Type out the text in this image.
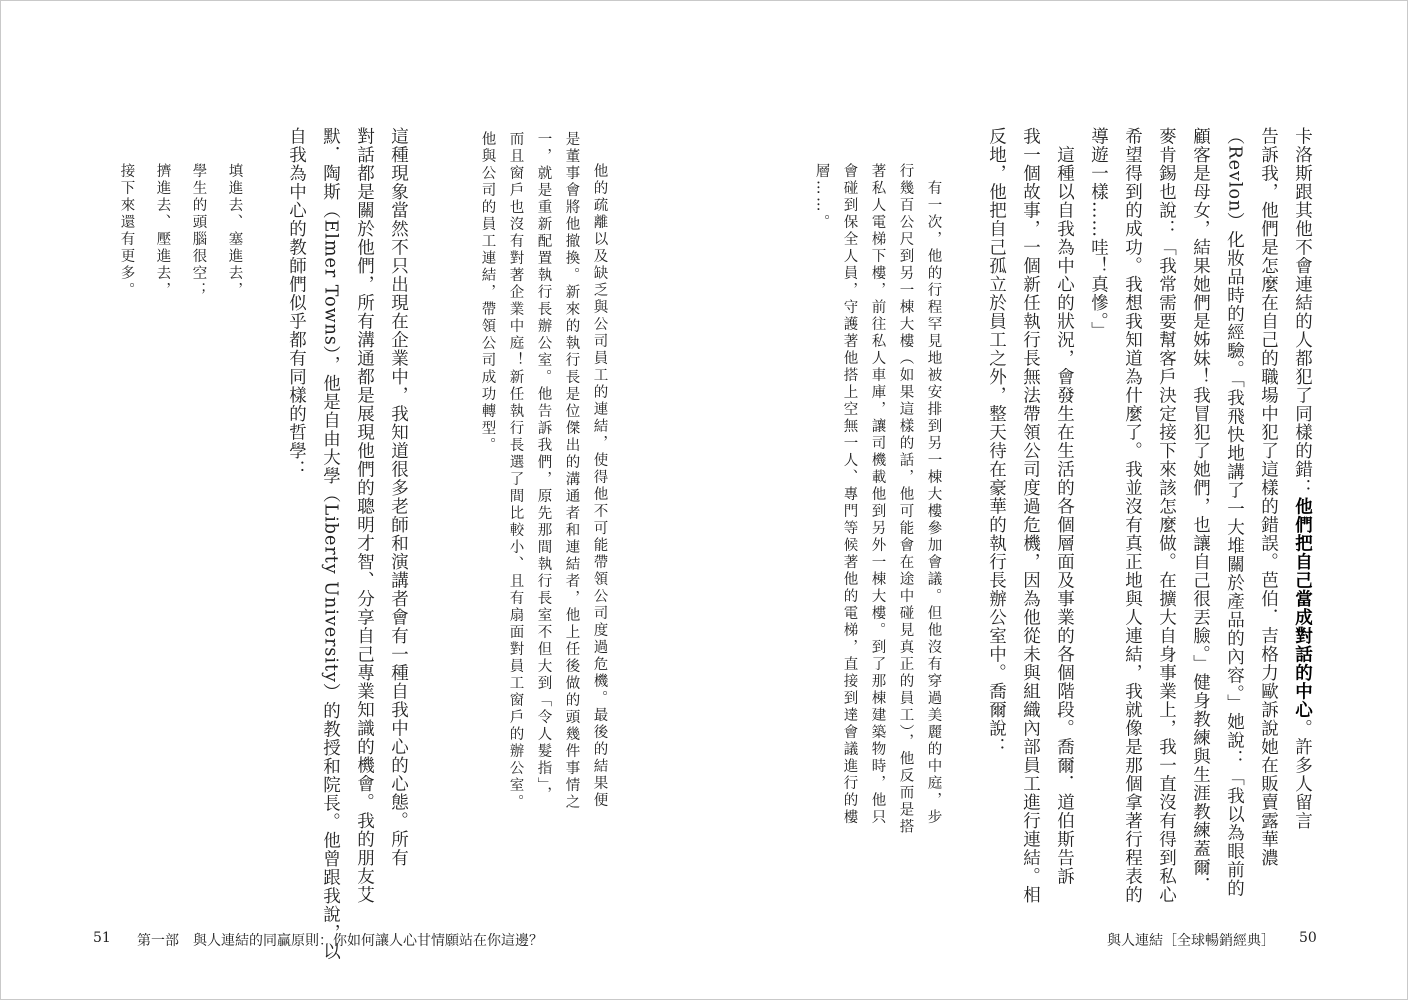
卡洛斯跟其他不會連結的人都犯了同樣的錯：他們把自己當成對話的中心。許多人留言
告訴我，他們是怎麼在自己的職場中犯了這樣的錯誤。芭伯．吉格力歐訴說她在販賣露華濃
（Revlon）化妝品時的經驗。「我飛快地講了一大堆關於產品的內容。」她說：「我以為眼前的
顧客是母女，結果她們是姊妹！我冒犯了她們，也讓自己很丟臉。」健身教練與生涯教練蓋爾．
麥肯錫也說：「我常需要幫客戶決定接下來該怎麼做。在擴大自身事業上，我一直沒有得到私心
希望得到的成功。我想我知道為什麼了。我並沒有真正地與人連結，我就像是那個拿著行程表的
導遊一樣……哇！真慘。」
　這種以自我為中心的狀況，會發生在生活的各個層面及事業的各個階段。喬爾．道伯斯告訴
我一個故事，一個新任執行長無法帶領公司度過危機，因為他從未與組織內部員工進行連結。相
反地，他把自己孤立於員工之外，整天待在豪華的執行長辦公室中。喬爾說：
　有一次，他的行程罕見地被安排到另一棟大樓參加會議。但他沒有穿過美麗的中庭，步
行幾百公尺到另一棟大樓（如果這樣的話，他可能會在途中碰見真正的員工），他反而是搭
著私人電梯下樓，前往私人車庫，讓司機載他到另外一棟大樓。到了那棟建築物時，他只
會碰到保全人員，守護著他搭上空無一人、專門等候著他的電梯，直接到達會議進行的樓
層……。
他的疏離以及缺乏與公司員工的連結，使得他不可能帶領公司度過危機。最後的結果便
是董事會將他撤換。新來的執行長是位傑出的溝通者和連結者，他上任後做的頭幾件事情之
一，就是重新配置執行長辦公室。他告訴我們，原先那間執行長室不但大到「令人髮指」，
而且窗戶也沒有對著企業中庭！新任執行長選了間比較小、且有扇面對員工窗戶的辦公室。
他與公司的員工連結，帶領公司成功轉型。
這種現象當然不只出現在企業中，我知道很多老師和演講者會有一種自我中心的心態。所有
對話都是關於他們，所有溝通都是展現他們的聰明才智、分享自己專業知識的機會。我的朋友艾
默．陶斯（Elmer Towns），他是自由大學（Liberty University）的教授和院長。他曾跟我說，以
自我為中心的教師們似乎都有同樣的哲學：
填進去、塞進去，
學生的頭腦很空；
擠進去、壓進去，
接下來還有更多。
51 第一部　與人連結的同贏原則：你如何讓人心甘情願站在你這邊？	與人連結［全球暢銷經典］ 50
